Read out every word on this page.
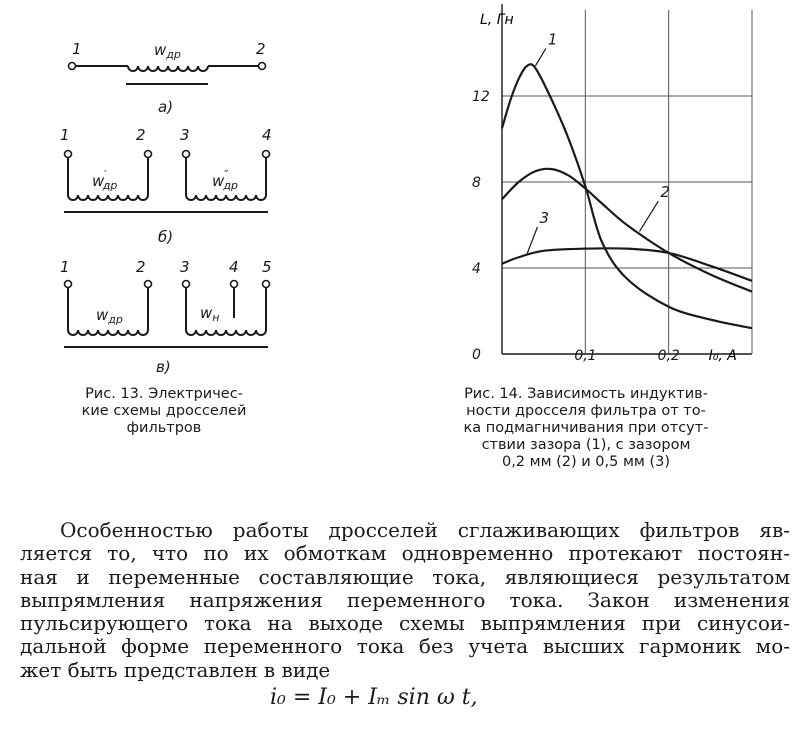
1	2
$w_{др}$
а)
1	2 3	4
w′ др	w″ др
б)
1	2 3	4 5
$w_{др}$	$w_н$
в)
Рис. 13. Электричес-
кие схемы дросселей
фильтров
4
8
12
0,1	0,2
0
1
2
3
L, Гн
I₀, A
Рис. 14. Зависимость индуктив-
ности дросселя фильтра от то-
ка подмагничивания при отсут-
ствии зазора (1), с зазором
0,2 мм (2) и 0,5 мм (3)
Особенностью работы дросселей сглаживающих фильтров яв-
ляется то, что по их обмоткам одновременно протекают постоян-
ная и переменные составляющие тока, являющиеся результатом
выпрямления напряжения переменного тока. Закон изменения
пульсирующего тока на выходе схемы выпрямления при синусои-
дальной форме переменного тока без учета высших гармоник мо-
жет быть представлен в виде
i₀ = I₀ + Iₘ sin ω t,
